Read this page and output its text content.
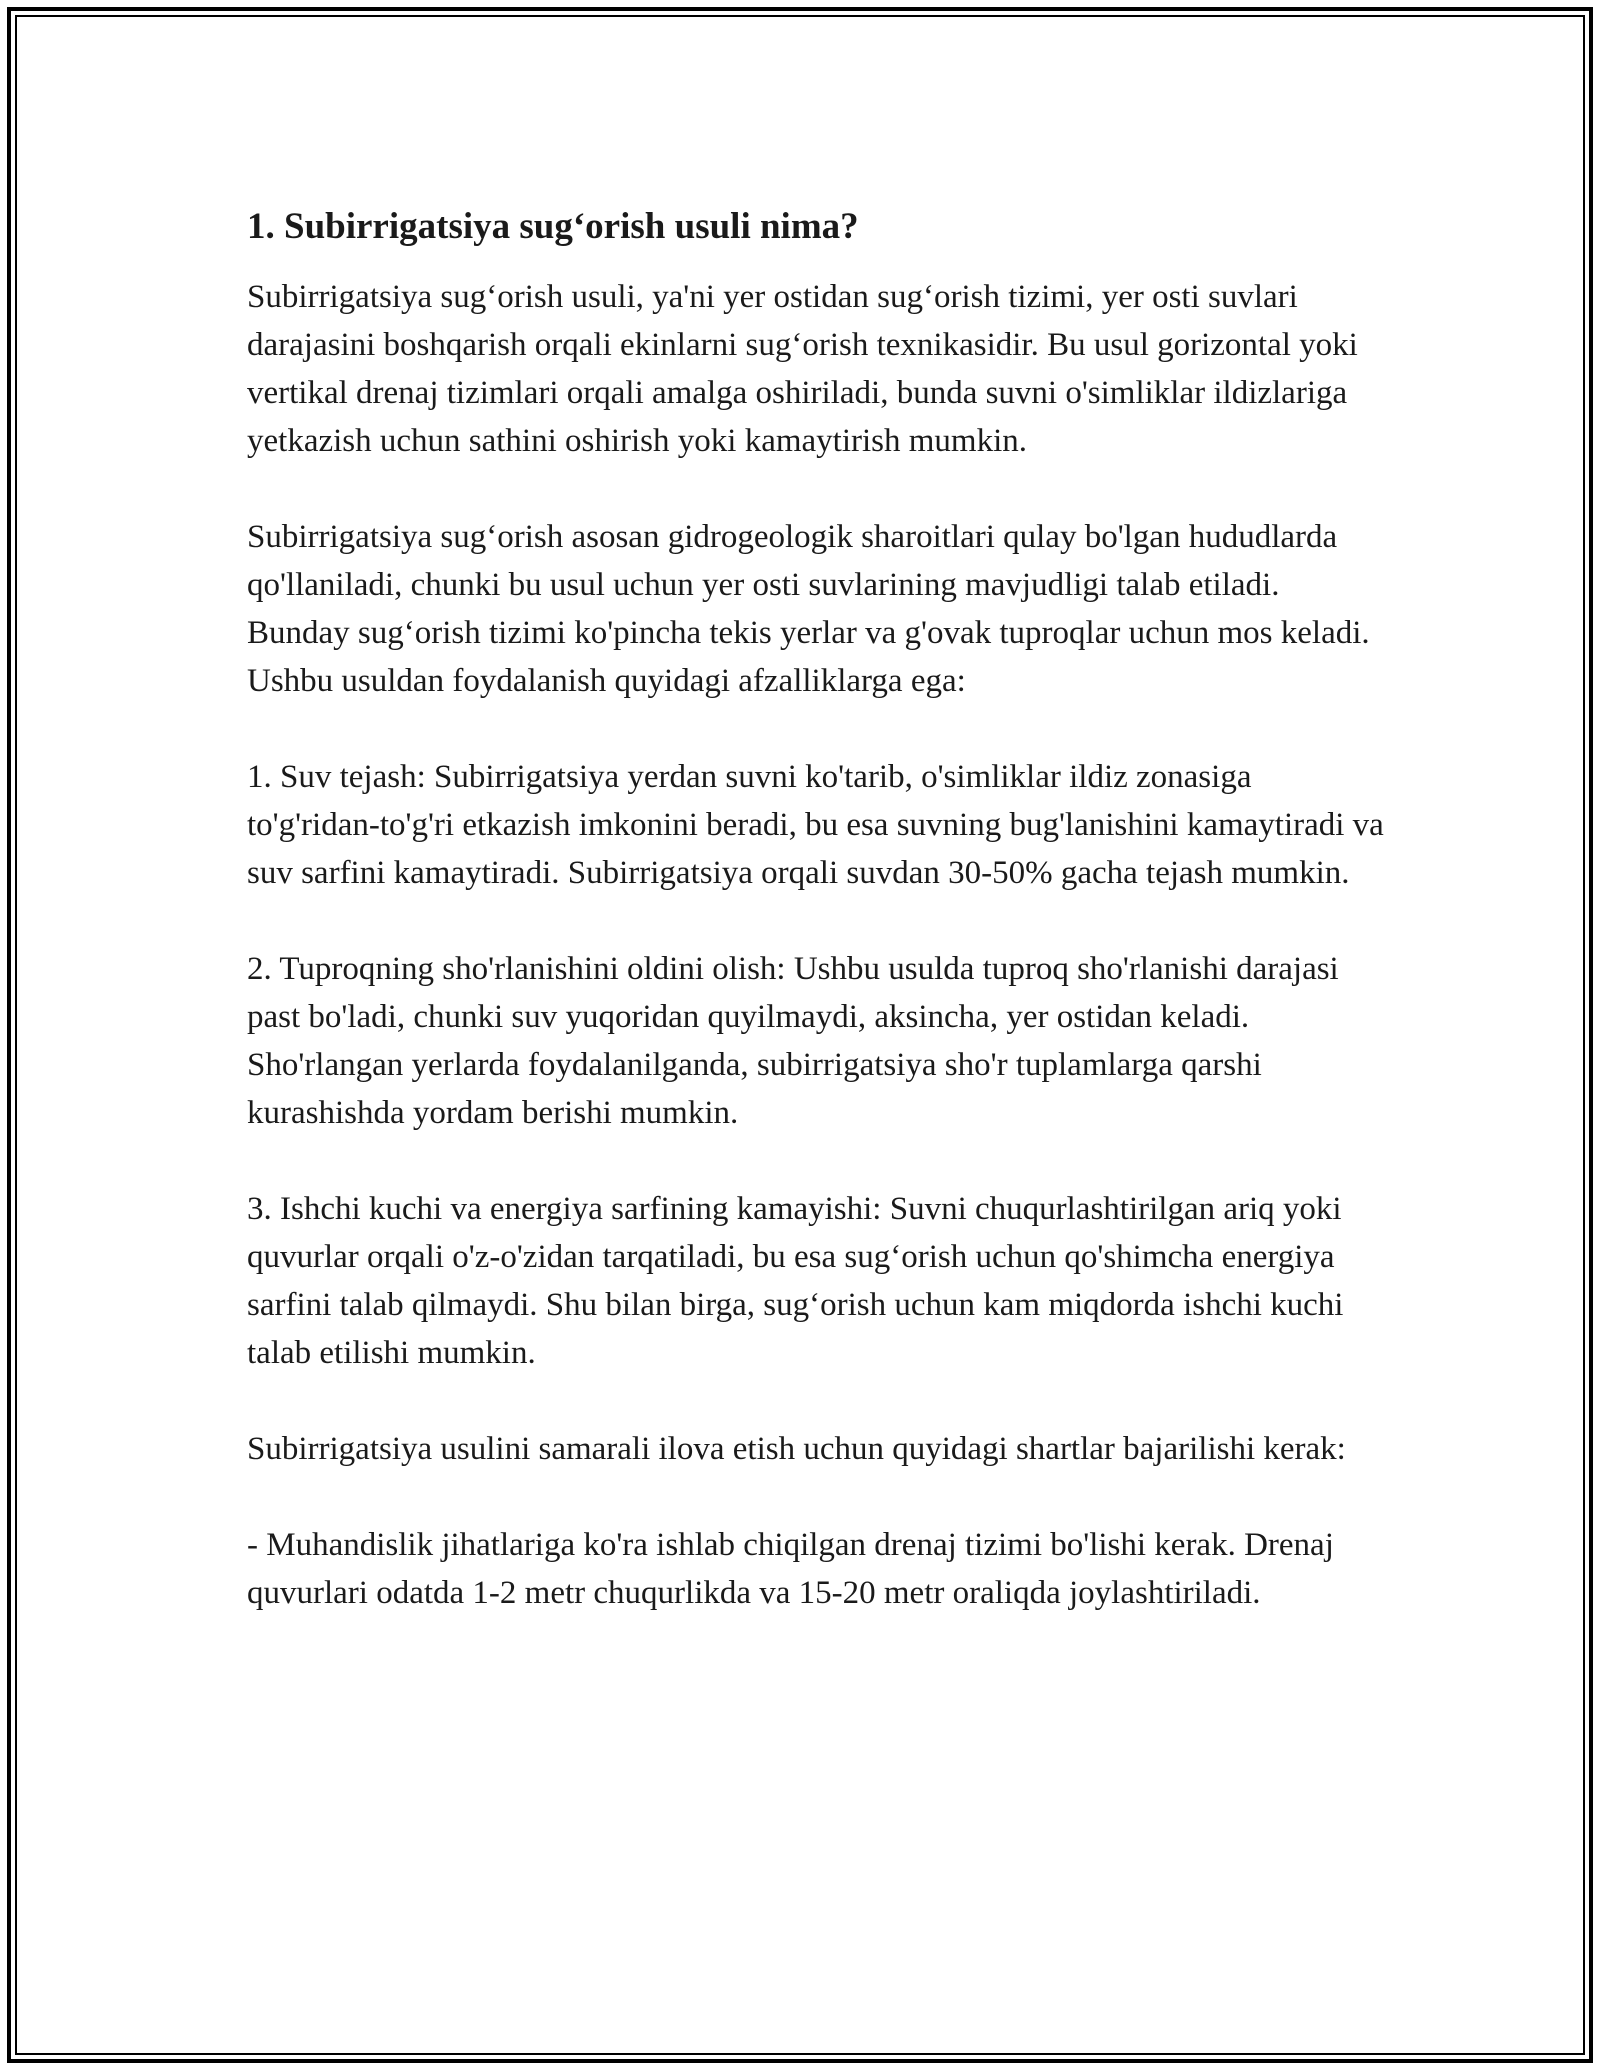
1. Subirrigatsiya sug‘orish usuli nima?

Subirrigatsiya sug‘orish usuli, ya'ni yer ostidan sug‘orish tizimi, yer osti suvlari darajasini boshqarish orqali ekinlarni sug‘orish texnikasidir. Bu usul gorizontal yoki vertikal drenaj tizimlari orqali amalga oshiriladi, bunda suvni o'simliklar ildizlariga yetkazish uchun sathini oshirish yoki kamaytirish mumkin.

Subirrigatsiya sug‘orish asosan gidrogeologik sharoitlari qulay bo'lgan hududlarda qo'llaniladi, chunki bu usul uchun yer osti suvlarining mavjudligi talab etiladi. Bunday sug‘orish tizimi ko'pincha tekis yerlar va g'ovak tuproqlar uchun mos keladi. Ushbu usuldan foydalanish quyidagi afzalliklarga ega:

1. Suv tejash: Subirrigatsiya yerdan suvni ko'tarib, o'simliklar ildiz zonasiga to'g'ridan-to'g'ri etkazish imkonini beradi, bu esa suvning bug'lanishini kamaytiradi va suv sarfini kamaytiradi. Subirrigatsiya orqali suvdan 30-50% gacha tejash mumkin.

2. Tuproqning sho'rlanishini oldini olish: Ushbu usulda tuproq sho'rlanishi darajasi past bo'ladi, chunki suv yuqoridan quyilmaydi, aksincha, yer ostidan keladi. Sho'rlangan yerlarda foydalanilganda, subirrigatsiya sho'r tuplamlarga qarshi kurashishda yordam berishi mumkin.

3. Ishchi kuchi va energiya sarfining kamayishi: Suvni chuqurlashtirilgan ariq yoki quvurlar orqali o'z-o'zidan tarqatiladi, bu esa sug‘orish uchun qo'shimcha energiya sarfini talab qilmaydi. Shu bilan birga, sug‘orish uchun kam miqdorda ishchi kuchi talab etilishi mumkin.

Subirrigatsiya usulini samarali ilova etish uchun quyidagi shartlar bajarilishi kerak:

- Muhandislik jihatlariga ko'ra ishlab chiqilgan drenaj tizimi bo'lishi kerak. Drenaj quvurlari odatda 1-2 metr chuqurlikda va 15-20 metr oraliqda joylashtiriladi.
